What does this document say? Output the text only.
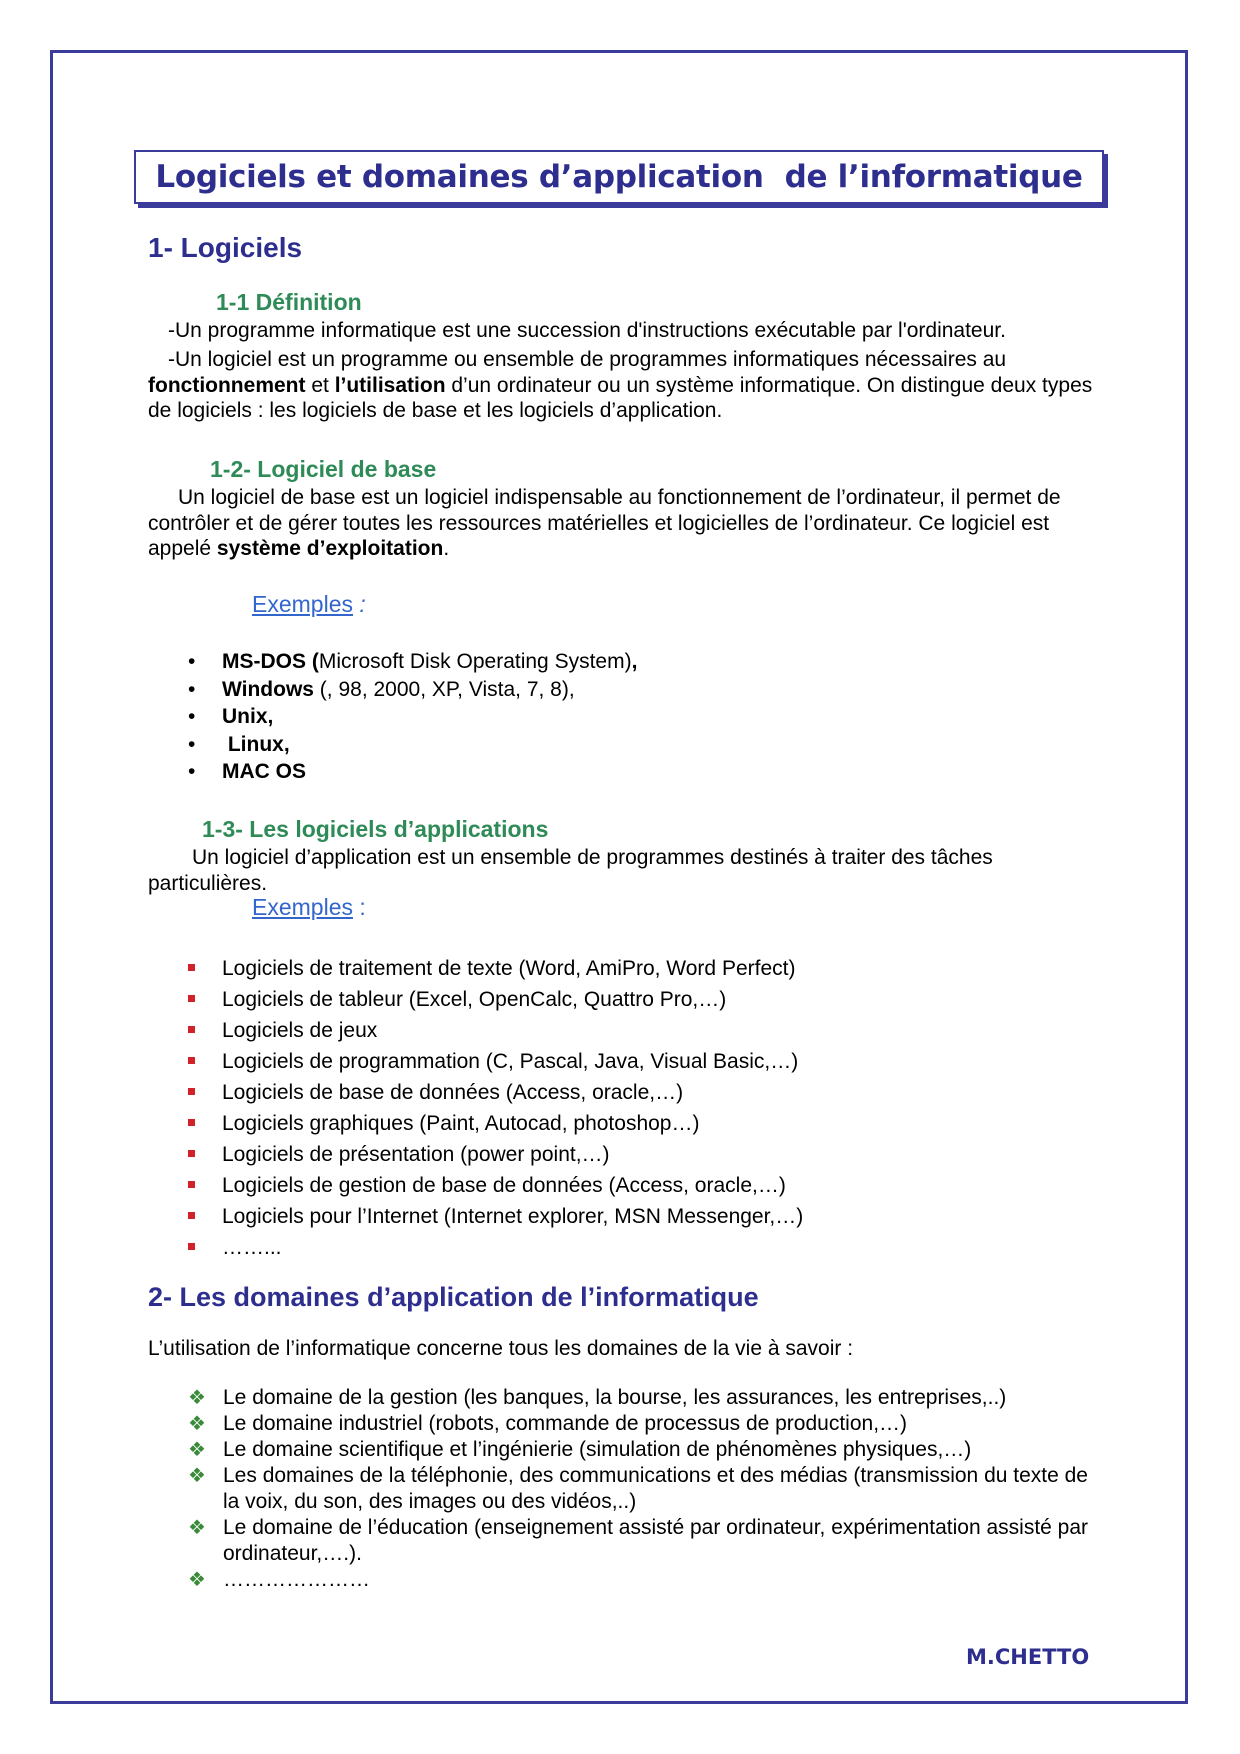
Logiciels et domaines d’application  de l’informatique
1- Logiciels
1-1 Définition
-Un programme informatique est une succession d'instructions exécutable par l'ordinateur.
-Un logiciel est un programme ou ensemble de programmes informatiques nécessaires au fonctionnement et l’utilisation d’un ordinateur ou un système informatique. On distingue deux types de logiciels : les logiciels de base et les logiciels d’application.
1-2- Logiciel de base
Un logiciel de base est un logiciel indispensable au fonctionnement de l’ordinateur, il permet de contrôler et de gérer toutes les ressources matérielles et logicielles de l’ordinateur. Ce logiciel est appelé système d’exploitation.
Exemples :
• MS-DOS (Microsoft Disk Operating System),
• Windows (, 98, 2000, XP, Vista, 7, 8),
• Unix,
•  Linux,
• MAC OS
1-3- Les logiciels d’applications
Un logiciel d’application est un ensemble de programmes destinés à traiter des tâches particulières.
Exemples :
Logiciels de traitement de texte (Word, AmiPro, Word Perfect)
Logiciels de tableur (Excel, OpenCalc, Quattro Pro,…)
Logiciels de jeux
Logiciels de programmation (C, Pascal, Java, Visual Basic,…)
Logiciels de base de données (Access, oracle,…)
Logiciels graphiques (Paint, Autocad, photoshop…)
Logiciels de présentation (power point,…)
Logiciels de gestion de base de données (Access, oracle,…)
Logiciels pour l’Internet (Internet explorer, MSN Messenger,…)
……...
2- Les domaines d’application de l’informatique
L’utilisation de l’informatique concerne tous les domaines de la vie à savoir :
❖ Le domaine de la gestion (les banques, la bourse, les assurances, les entreprises,..)
❖ Le domaine industriel (robots, commande de processus de production,…)
❖ Le domaine scientifique et l’ingénierie (simulation de phénomènes physiques,…)
❖ Les domaines de la téléphonie, des communications et des médias (transmission du texte de la voix, du son, des images ou des vidéos,..)
❖ Le domaine de l’éducation (enseignement assisté par ordinateur, expérimentation assisté par ordinateur,….).
❖ …………………
M.CHETTO
